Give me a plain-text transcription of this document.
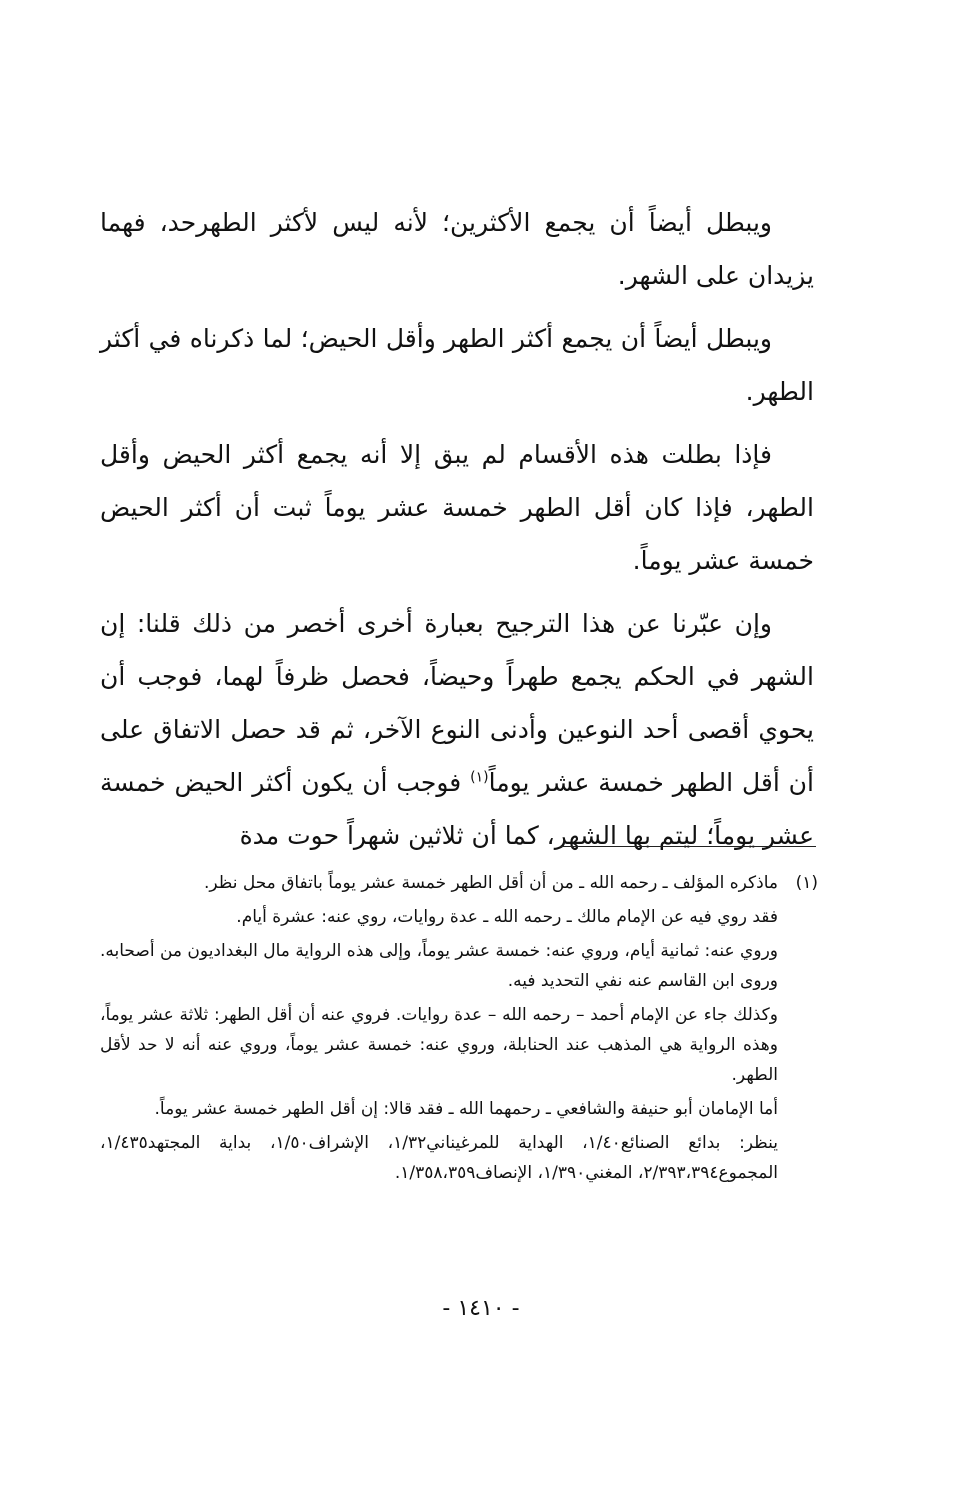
ويبطل أيضاً أن يجمع الأكثرين؛ لأنه ليس لأكثر الطهرحد، فهما يزيدان على الشهر.

ويبطل أيضاً أن يجمع أكثر الطهر وأقل الحيض؛ لما ذكرناه في أكثر الطهر.

فإذا بطلت هذه الأقسام لم يبق إلا أنه يجمع أكثر الحيض وأقل الطهر، فإذا كان أقل الطهر خمسة عشر يوماً ثبت أن أكثر الحيض خمسة عشر يوماً.

وإن عبّرنا عن هذا الترجيح بعبارة أخرى أخصر من ذلك قلنا: إن الشهر في الحكم يجمع طهراً وحيضاً، فحصل ظرفاً لهما، فوجب أن يحوي أقصى أحد النوعين وأدنى النوع الآخر، ثم قد حصل الاتفاق على أن أقل الطهر خمسة عشر يوماً$^{(١)}$ فوجب أن يكون أكثر الحيض خمسة عشر يوماً؛ ليتم بها الشهر، كما أن ثلاثين شهراً حوت مدة

(١)

ماذكره المؤلف ـ رحمه الله ـ من أن أقل الطهر خمسة عشر يوماً باتفاق محل نظر.

فقد روي فيه عن الإمام مالك ـ رحمه الله ـ عدة روايات، روي عنه: عشرة أيام.

وروي عنه: ثمانية أيام، وروي عنه: خمسة عشر يوماً، وإلى هذه الرواية مال البغداديون من أصحابه. وروى ابن القاسم عنه نفي التحديد فيه.

وكذلك جاء عن الإمام أحمد – رحمه الله – عدة روايات. فروي عنه أن أقل الطهر: ثلاثة عشر يوماً، وهذه الرواية هي المذهب عند الحنابلة، وروي عنه: خمسة عشر يوماً، وروي عنه أنه لا حد لأقل الطهر.

أما الإمامان أبو حنيفة والشافعي ـ رحمهما الله ـ فقد قالا: إن أقل الطهر خمسة عشر يوماً.

ينظر: بدائع الصنائع١/٤٠، الهداية للمرغيناني١/٣٢، الإشراف١/٥٠، بداية المجتهد١/٤٣٥، المجموع٢/٣٩٣،٣٩٤، المغني١/٣٩٠، الإنصاف١/٣٥٨،٣٥٩.

- ١٤١٠ -
